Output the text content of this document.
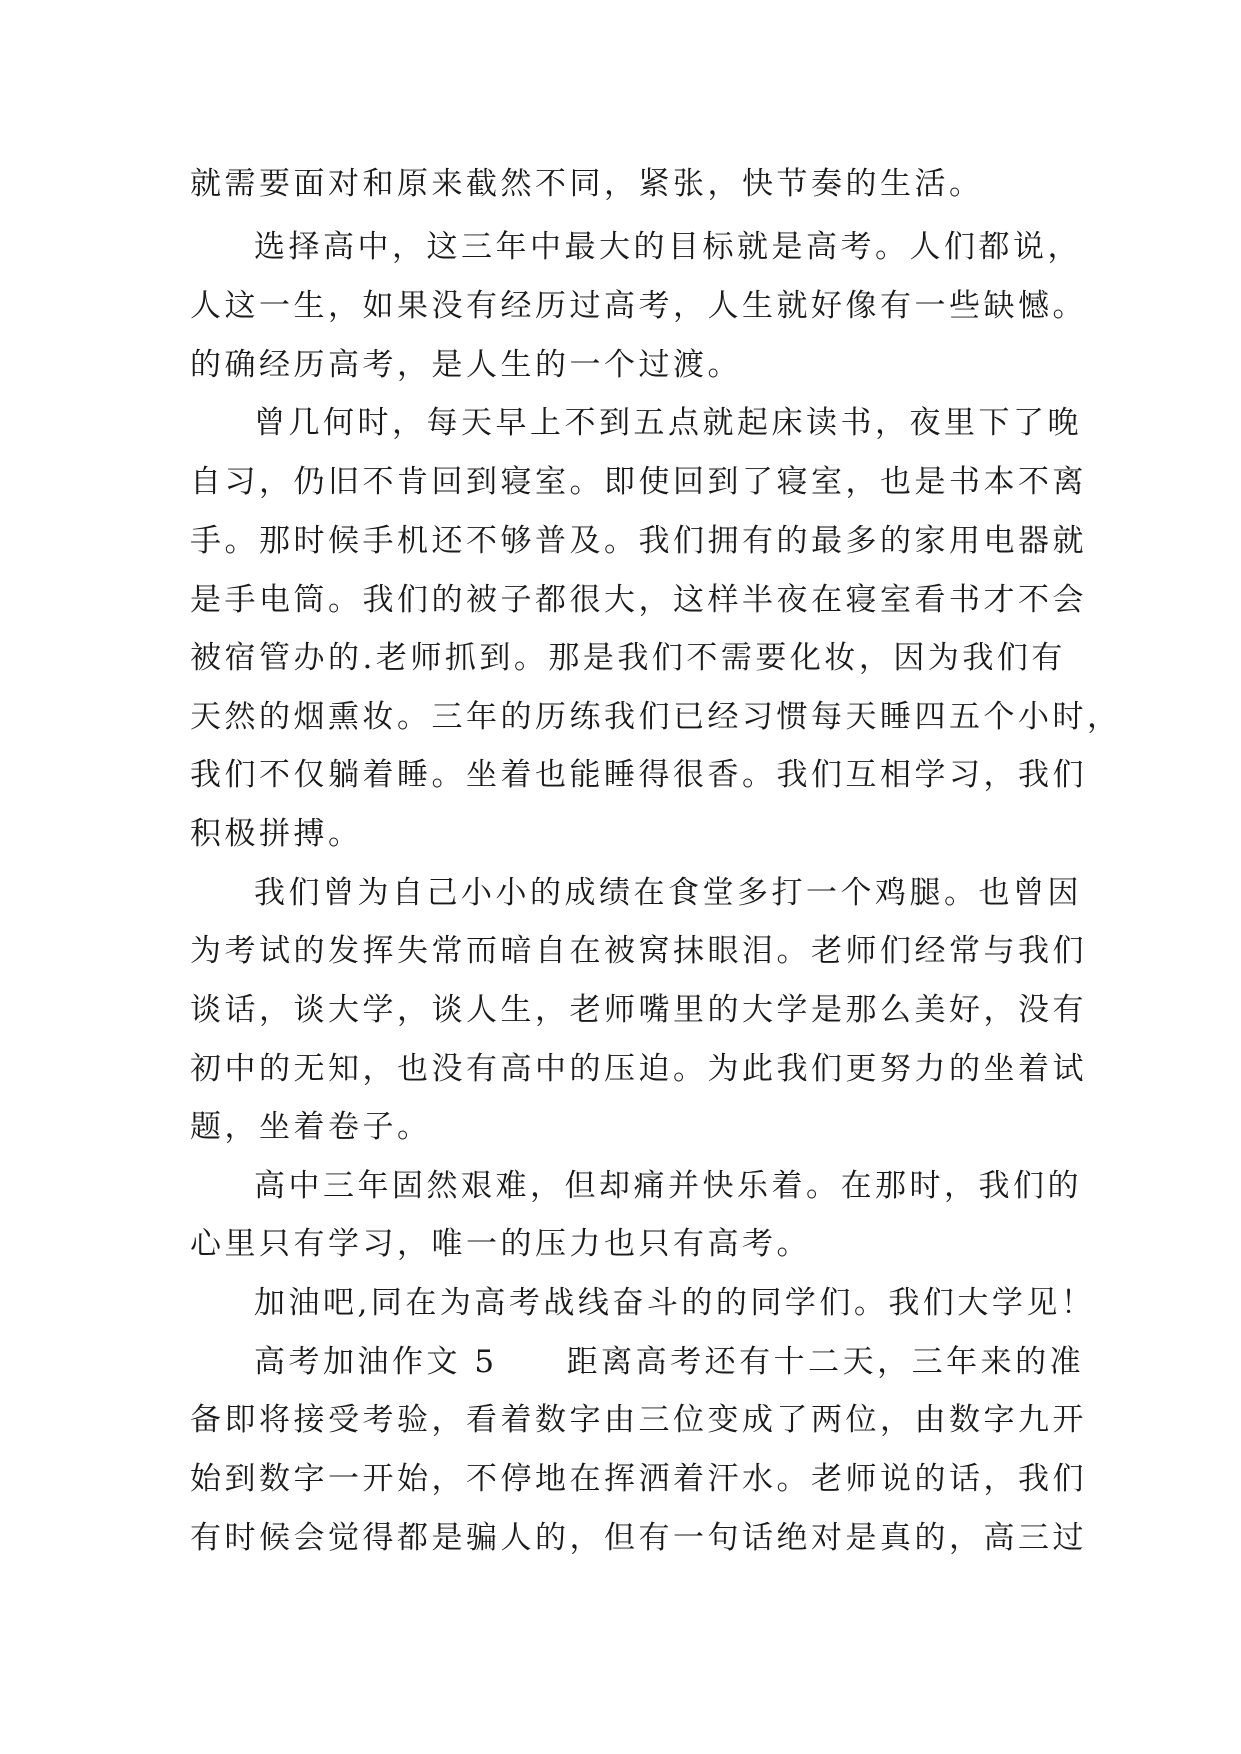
就需要面对和原来截然不同，紧张，快节奏的生活。
选择高中，这三年中最大的目标就是高考。人们都说，
人这一生，如果没有经历过高考，人生就好像有一些缺憾。
的确经历高考，是人生的一个过渡。
曾几何时，每天早上不到五点就起床读书，夜里下了晚
自习，仍旧不肯回到寝室。即使回到了寝室，也是书本不离
手。那时候手机还不够普及。我们拥有的最多的家用电器就
是手电筒。我们的被子都很大，这样半夜在寝室看书才不会
被宿管办的.老师抓到。那是我们不需要化妆，因为我们有
天然的烟熏妆。三年的历练我们已经习惯每天睡四五个小时，
我们不仅躺着睡。坐着也能睡得很香。我们互相学习，我们
积极拼搏。
我们曾为自己小小的成绩在食堂多打一个鸡腿。也曾因
为考试的发挥失常而暗自在被窝抹眼泪。老师们经常与我们
谈话，谈大学，谈人生，老师嘴里的大学是那么美好，没有
初中的无知，也没有高中的压迫。为此我们更努力的坐着试
题，坐着卷子。
高中三年固然艰难，但却痛并快乐着。在那时，我们的
心里只有学习，唯一的压力也只有高考。
加油吧,同在为高考战线奋斗的的同学们。我们大学见！
高考加油作文 5　　距离高考还有十二天，三年来的准
备即将接受考验，看着数字由三位变成了两位，由数字九开
始到数字一开始，不停地在挥洒着汗水。老师说的话，我们
有时候会觉得都是骗人的，但有一句话绝对是真的，高三过
